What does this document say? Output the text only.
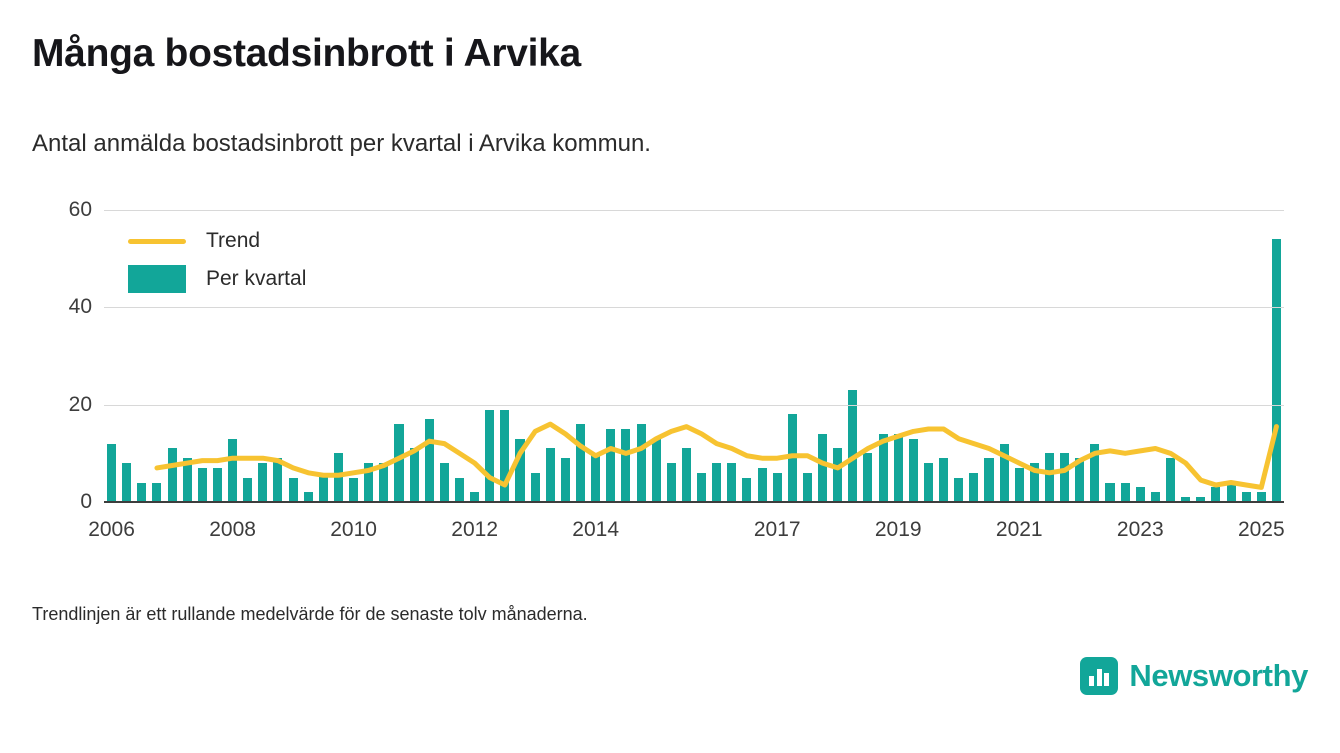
Många bostadsinbrott i Arvika
Antal anmälda bostadsinbrott per kvartal i Arvika kommun.
0
20
40
60
2006	2008	2010	2012	2014	2017	2019	2021	2023	2025
Trend
Per kvartal
Trendlinjen är ett rullande medelvärde för de senaste tolv månaderna.
Newsworthy
